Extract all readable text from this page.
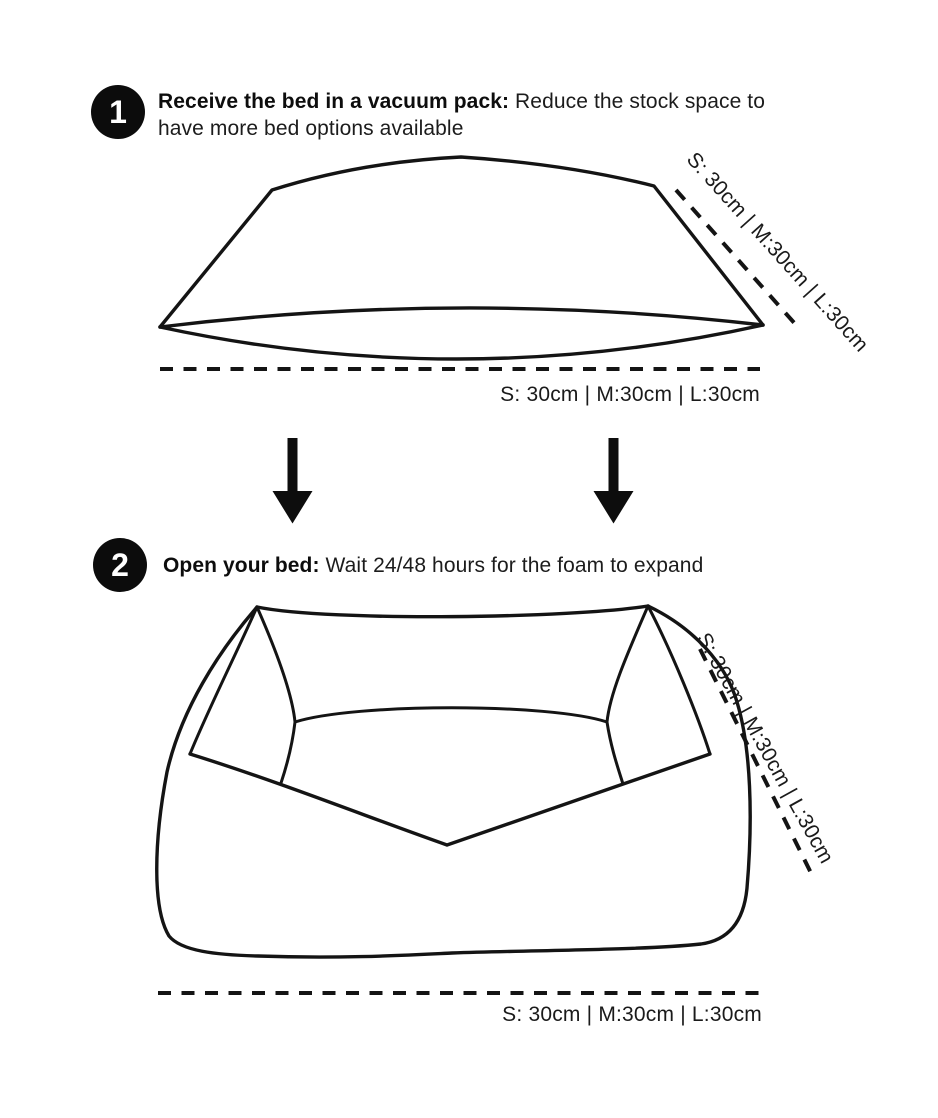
1 Receive the bed in a vacuum pack: Reduce the stock space to have more bed options available
2 Open your bed: Wait 24/48 hours for the foam to expand
S: 30cm | M:30cm | L:30cm
S: 30cm | M:30cm | L:30cm
S: 30cm | M:30cm | L:30cm
S: 30cm | M:30cm | L:30cm
